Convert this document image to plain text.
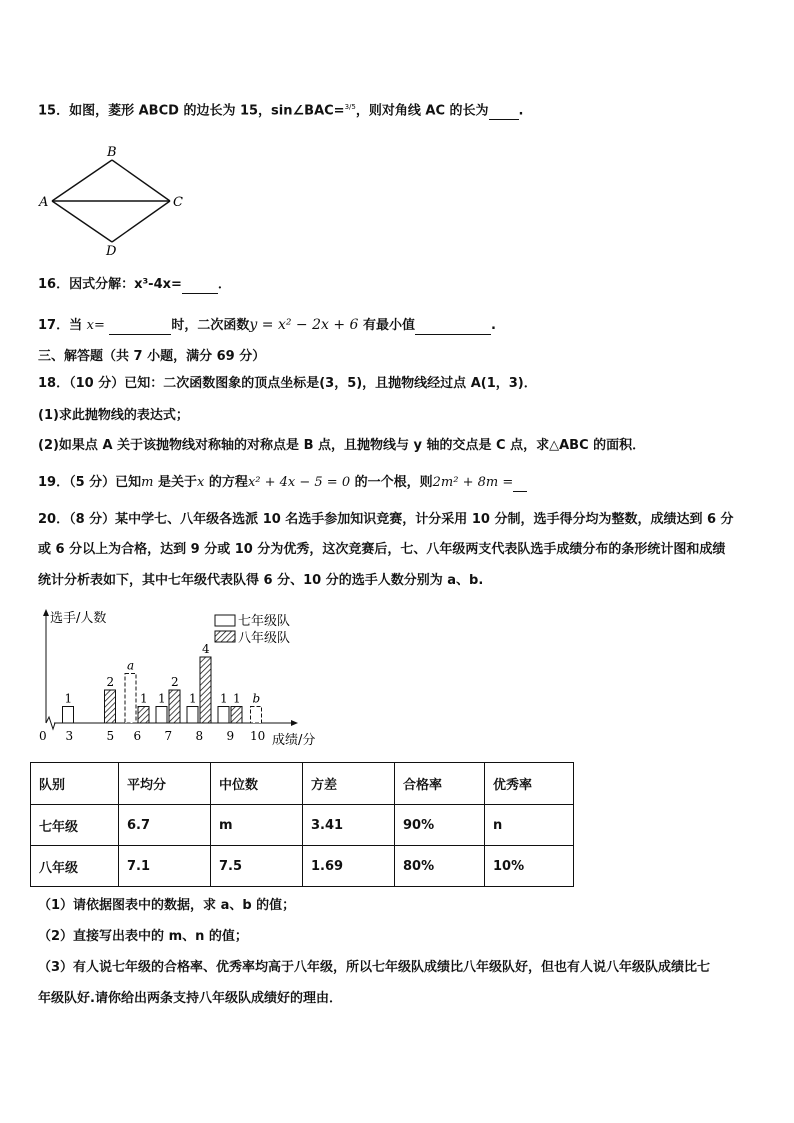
15．如图，菱形 ABCD 的边长为 15，sin∠BAC=$^{3/5}$，则对角线 AC 的长为 .
B
A	C
D
16．因式分解：x³-4x=	．
17．当 x=	时，二次函数y = x² − 2x + 6 有最小值	.
三、解答题（共 7 小题，满分 69 分）
18．（10 分）已知：二次函数图象的顶点坐标是(3，5)，且抛物线经过点 A(1，3)．
(1)求此抛物线的表达式；
(2)如果点 A 关于该抛物线对称轴的对称点是 B 点，且抛物线与 y 轴的交点是 C 点，求△ABC 的面积．
19．（5 分）已知m 是关于x 的方程x² + 4x − 5 = 0 的一个根，则2m² + 8m =
20．（8 分）某中学七、八年级各选派 10 名选手参加知识竞赛，计分采用 10 分制，选手得分均为整数，成绩达到 6 分
或 6 分以上为合格，达到 9 分或 10 分为优秀，这次竞赛后，七、八年级两支代表队选手成绩分布的条形统计图和成绩
统计分析表如下，其中七年级代表队得 6 分、10 分的选手人数分别为 a、b.
选手/人数
成绩/分
0
七年级队
八年级队
3	5 6 7 8 9 10
1
2
a
1 1
2
1
4
1 1 b
队别	平均分	中位数	方差	合格率	优秀率
七年级	6.7	m	3.41	90%	n
八年级	7.1	7.5	1.69	80%	10%
（1）请依据图表中的数据，求 a、b 的值；
（2）直接写出表中的 m、n 的值；
（3）有人说七年级的合格率、优秀率均高于八年级，所以七年级队成绩比八年级队好，但也有人说八年级队成绩比七
年级队好.请你给出两条支持八年级队成绩好的理由．
